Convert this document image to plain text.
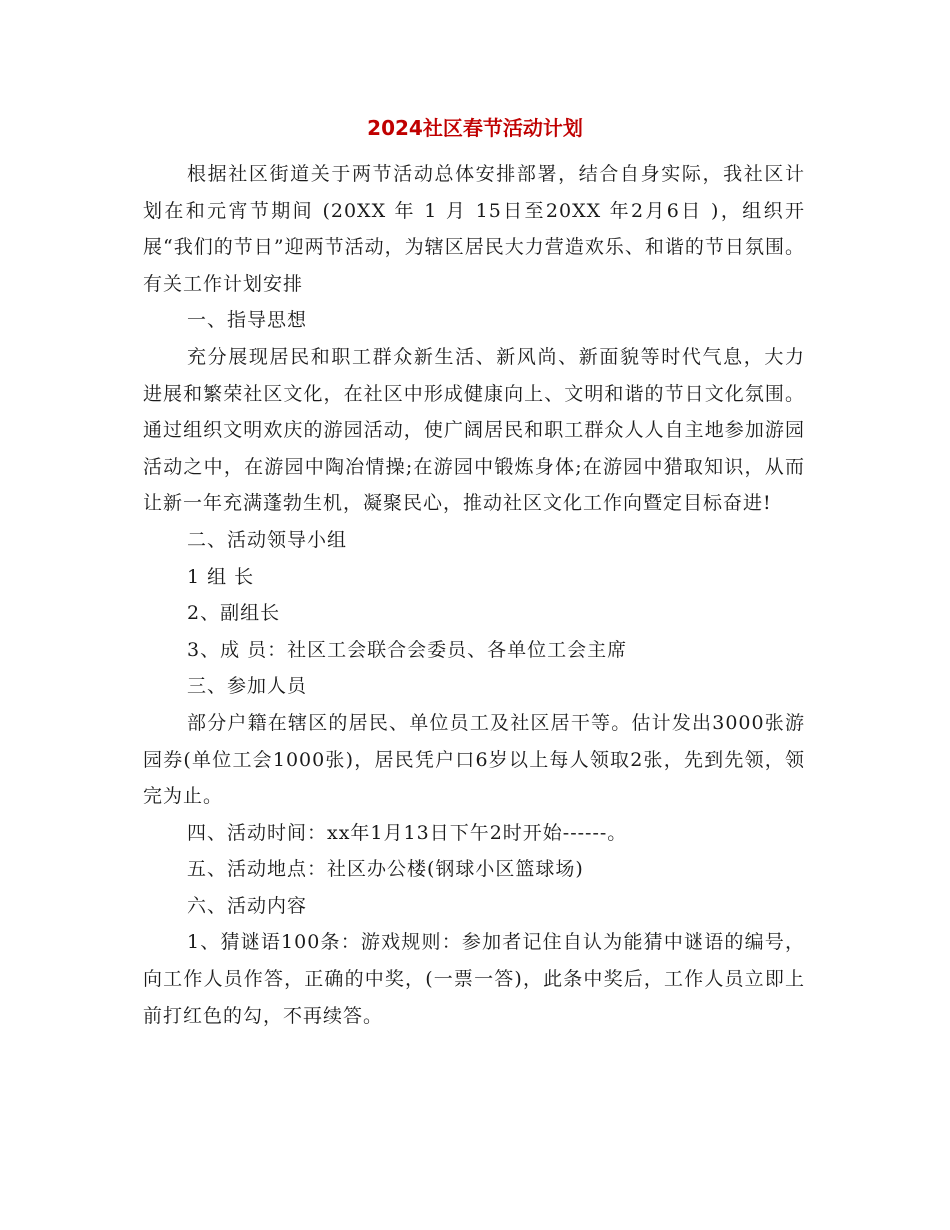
2024社区春节活动计划

根据社区街道关于两节活动总体安排部署，结合自身实际，我社区计划在和元宵节期间 (20XX 年 1 月 15日至20XX 年2月6日 )，组织开展“我们的节日”迎两节活动，为辖区居民大力营造欢乐、和谐的节日氛围。有关工作计划安排

一、指导思想

充分展现居民和职工群众新生活、新风尚、新面貌等时代气息，大力进展和繁荣社区文化，在社区中形成健康向上、文明和谐的节日文化氛围。通过组织文明欢庆的游园活动，使广阔居民和职工群众人人自主地参加游园活动之中，在游园中陶冶情操;在游园中锻炼身体;在游园中猎取知识，从而让新一年充满蓬勃生机，凝聚民心，推动社区文化工作向暨定目标奋进!

二、活动领导小组

1 组 长

2、副组长

3、成 员：社区工会联合会委员、各单位工会主席

三、参加人员

部分户籍在辖区的居民、单位员工及社区居干等。估计发出3000张游园券(单位工会1000张)，居民凭户口6岁以上每人领取2张，先到先领，领完为止。

四、活动时间：xx年1月13日下午2时开始------。

五、活动地点：社区办公楼(钢球小区篮球场)

六、活动内容

1、猜谜语100条：游戏规则：参加者记住自认为能猜中谜语的编号，向工作人员作答，正确的中奖，(一票一答)，此条中奖后，工作人员立即上前打红色的勾，不再续答。
